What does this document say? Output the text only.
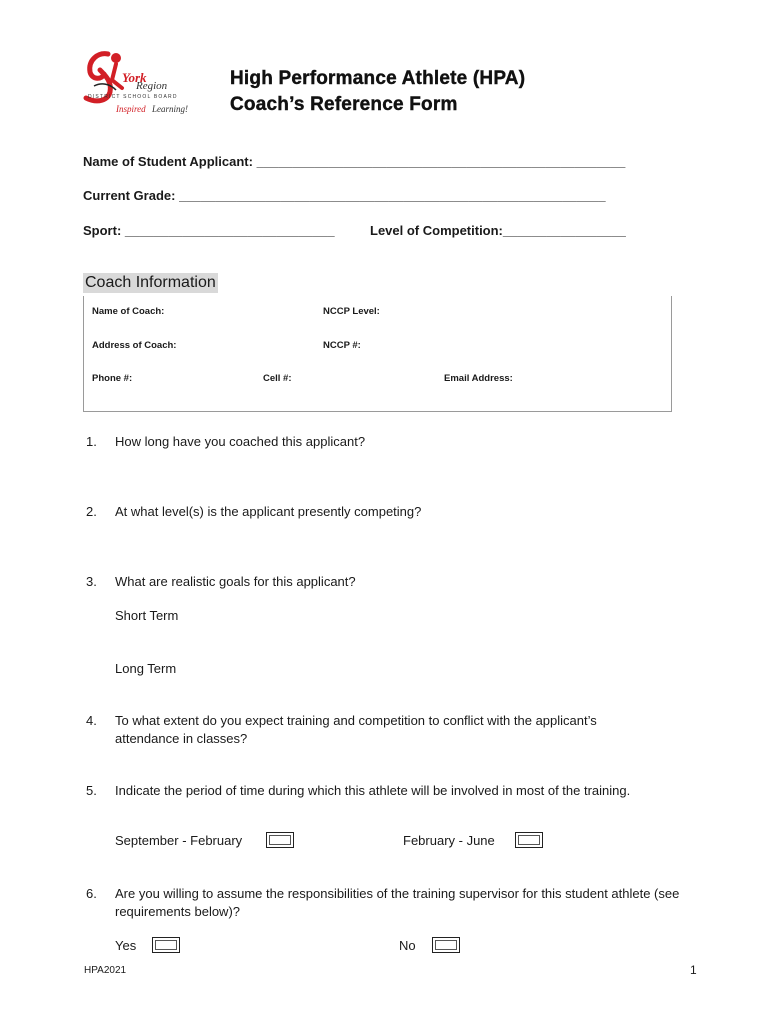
York
Region
DISTRICT SCHOOL BOARD
Inspired Learning!
High Performance Athlete (HPA)
Coach’s Reference Form
Name of Student Applicant: ___________________________________________________
Current Grade: ___________________________________________________________
Sport: _____________________________	Level of Competition:_________________
Coach Information
Name of Coach:	NCCP Level:
Address of Coach:	NCCP #:
Phone #:	Cell #:	Email Address:
1. How long have you coached this applicant?
2. At what level(s) is the applicant presently competing?
3. What are realistic goals for this applicant?
Short Term
Long Term
4. To what extent do you expect training and competition to conflict with the applicant’s attendance in classes?
5. Indicate the period of time during which this athlete will be involved in most of the training.
September - February	February - June
6. Are you willing to assume the responsibilities of the training supervisor for this student athlete (see requirements below)?
Yes	No
HPA2021	1
